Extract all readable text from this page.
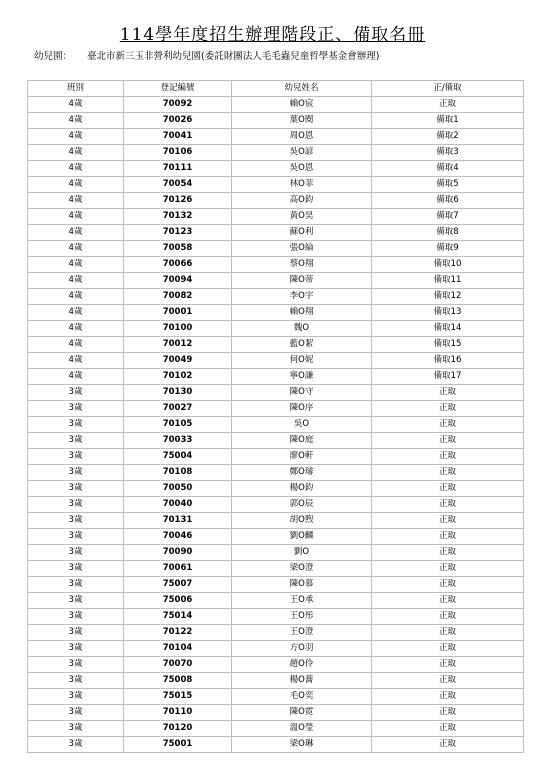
114學年度招生辦理階段正、備取名冊
幼兒園： 臺北市新三玉非營利幼兒園(委託財團法人毛毛蟲兒童哲學基金會辦理)
班別	登記編號	幼兒姓名	正/備取
4歲	70092	賴O宸	正取
4歲	70026	葉O閱	備取1
4歲	70041	周O恩	備取2
4歲	70106	吳O諺	備取3
4歲	70111	吳O恩	備取4
4歲	70054	林O菲	備取5
4歲	70126	高O鈞	備取6
4歲	70132	黃O昊	備取7
4歲	70123	蘇O利	備取8
4歲	70058	張O綸	備取9
4歲	70066	蔡O翔	備取10
4歲	70094	陳O蒂	備取11
4歲	70082	李O宇	備取12
4歲	70001	賴O翔	備取13
4歲	70100	魏O	備取14
4歲	70012	藍O絜	備取15
4歲	70049	何O妮	備取16
4歲	70102	寧O謙	備取17
3歲	70130	陳O守	正取
3歲	70027	陳O序	正取
3歲	70105	吳O	正取
3歲	70033	陳O庭	正取
3歲	75004	廖O軒	正取
3歲	70108	鄭O璿	正取
3歲	70050	楊O鈞	正取
3歲	70040	郭O辰	正取
3歲	70131	胡O煦	正取
3歲	70046	劉O麟	正取
3歲	70090	劉O	正取
3歲	70061	梁O澄	正取
3歲	75007	陳O慕	正取
3歲	75006	王O承	正取
3歲	75014	王O彤	正取
3歲	70122	王O澄	正取
3歲	70104	方O羽	正取
3歲	70070	趙O伶	正取
3歲	75008	楊O蕎	正取
3歲	75015	毛O奕	正取
3歲	70110	陳O霓	正取
3歲	70120	溫O瑩	正取
3歲	75001	梁O琳	正取
